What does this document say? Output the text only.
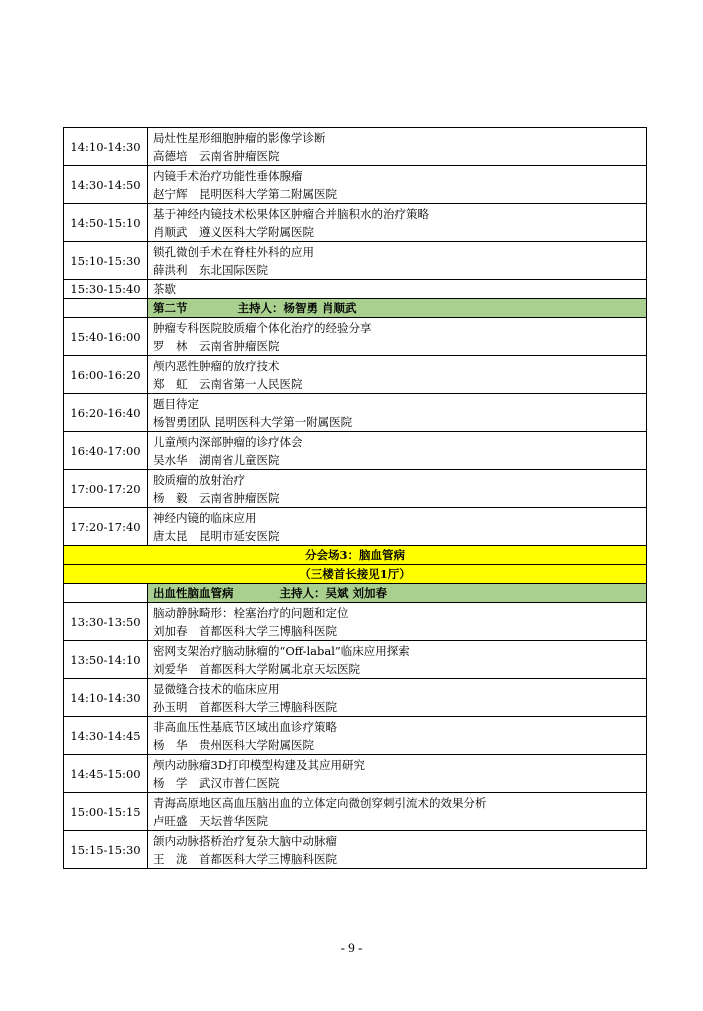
14:10-14:30	局灶性星形细胞肿瘤的影像学诊断
高德培　云南省肿瘤医院

14:30-14:50	内镜手术治疗功能性垂体腺瘤
赵宁辉　昆明医科大学第二附属医院

14:50-15:10	基于神经内镜技术松果体区肿瘤合并脑积水的治疗策略
肖顺武　遵义医科大学附属医院

15:10-15:30	锁孔微创手术在脊柱外科的应用
薛洪利　东北国际医院

15:30-15:40	茶歇
	第二节 主持人：杨智勇 肖顺武
15:40-16:00	肿瘤专科医院胶质瘤个体化治疗的经验分享
罗　林　云南省肿瘤医院

16:00-16:20	颅内恶性肿瘤的放疗技术
郑　虹　云南省第一人民医院

16:20-16:40	题目待定
杨智勇团队 昆明医科大学第一附属医院

16:40-17:00	儿童颅内深部肿瘤的诊疗体会
吴水华　湖南省儿童医院

17:00-17:20	胶质瘤的放射治疗
杨　毅　云南省肿瘤医院

17:20-17:40	神经内镜的临床应用
唐太昆　昆明市延安医院

分会场3：脑血管病	
（三楼首长接见1厅）	
	出血性脑血管病 主持人：吴斌 刘加春
13:30-13:50	脑动静脉畸形：栓塞治疗的问题和定位
刘加春　首都医科大学三博脑科医院

13:50-14:10	密网支架治疗脑动脉瘤的“Off-labal”临床应用探索
刘爱华　首都医科大学附属北京天坛医院

14:10-14:30	显微缝合技术的临床应用
孙玉明　首都医科大学三博脑科医院

14:30-14:45	非高血压性基底节区域出血诊疗策略
杨　华　贵州医科大学附属医院

14:45-15:00	颅内动脉瘤3D打印模型构建及其应用研究
杨　学　武汉市普仁医院

15:00-15:15	青海高原地区高血压脑出血的立体定向微创穿刺引流术的效果分析
卢旺盛　天坛普华医院

15:15-15:30	颌内动脉搭桥治疗复杂大脑中动脉瘤
王　泷　首都医科大学三博脑科医院
- 9 -
